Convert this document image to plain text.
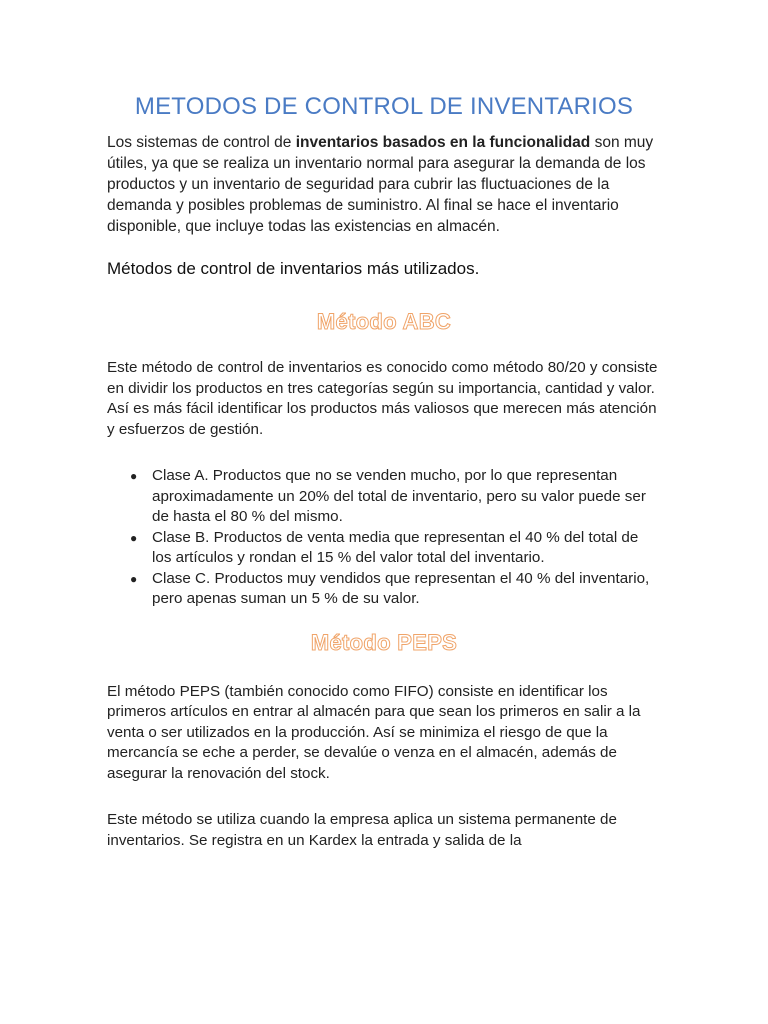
METODOS DE CONTROL DE INVENTARIOS

Los sistemas de control de inventarios basados en la funcionalidad son muy útiles, ya que se realiza un inventario normal para asegurar la demanda de los productos y un inventario de seguridad para cubrir las fluctuaciones de la demanda y posibles problemas de suministro. Al final se hace el inventario disponible, que incluye todas las existencias en almacén.

Métodos de control de inventarios más utilizados.
Método ABC

Este método de control de inventarios es conocido como método 80/20 y consiste en dividir los productos en tres categorías según su importancia, cantidad y valor. Así es más fácil identificar los productos más valiosos que merecen más atención y esfuerzos de gestión.

● Clase A. Productos que no se venden mucho, por lo que representan aproximadamente un 20% del total de inventario, pero su valor puede ser de hasta el 80 % del mismo.
● Clase B. Productos de venta media que representan el 40 % del total de los artículos y rondan el 15 % del valor total del inventario.
● Clase C. Productos muy vendidos que representan el 40 % del inventario, pero apenas suman un 5 % de su valor.
Método PEPS

El método PEPS (también conocido como FIFO) consiste en identificar los primeros artículos en entrar al almacén para que sean los primeros en salir a la venta o ser utilizados en la producción. Así se minimiza el riesgo de que la mercancía se eche a perder, se devalúe o venza en el almacén, además de asegurar la renovación del stock.

Este método se utiliza cuando la empresa aplica un sistema permanente de inventarios. Se registra en un Kardex la entrada y salida de la
